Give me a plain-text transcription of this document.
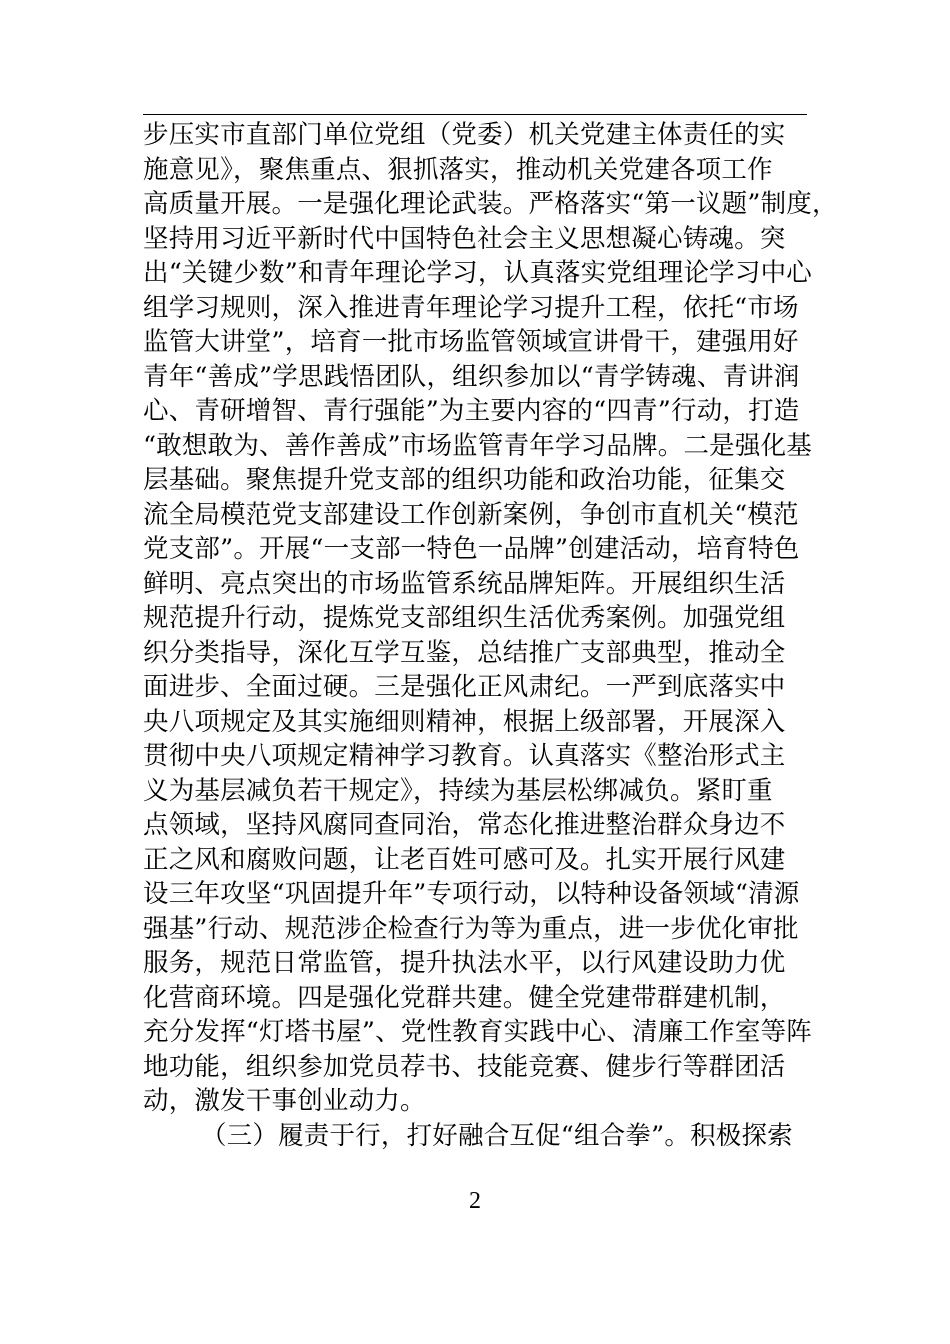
步压实市直部门单位党组（党委）机关党建主体责任的实
施意见》，聚焦重点、狠抓落实，推动机关党建各项工作
高质量开展。一是强化理论武装。严格落实“第一议题”制度，
坚持用习近平新时代中国特色社会主义思想凝心铸魂。突
出“关键少数”和青年理论学习，认真落实党组理论学习中心
组学习规则，深入推进青年理论学习提升工程，依托“市场
监管大讲堂”，培育一批市场监管领域宣讲骨干，建强用好
青年“善成”学思践悟团队，组织参加以“青学铸魂、青讲润
心、青研增智、青行强能”为主要内容的“四青”行动，打造
“敢想敢为、善作善成”市场监管青年学习品牌。二是强化基
层基础。聚焦提升党支部的组织功能和政治功能，征集交
流全局模范党支部建设工作创新案例，争创市直机关“模范
党支部”。开展“一支部一特色一品牌”创建活动，培育特色
鲜明、亮点突出的市场监管系统品牌矩阵。开展组织生活
规范提升行动，提炼党支部组织生活优秀案例。加强党组
织分类指导，深化互学互鉴，总结推广支部典型，推动全
面进步、全面过硬。三是强化正风肃纪。一严到底落实中
央八项规定及其实施细则精神，根据上级部署，开展深入
贯彻中央八项规定精神学习教育。认真落实《整治形式主
义为基层减负若干规定》，持续为基层松绑减负。紧盯重
点领域，坚持风腐同查同治，常态化推进整治群众身边不
正之风和腐败问题，让老百姓可感可及。扎实开展行风建
设三年攻坚“巩固提升年”专项行动，以特种设备领域“清源
强基”行动、规范涉企检查行为等为重点，进一步优化审批
服务，规范日常监管，提升执法水平，以行风建设助力优
化营商环境。四是强化党群共建。健全党建带群建机制，
充分发挥“灯塔书屋”、党性教育实践中心、清廉工作室等阵
地功能，组织参加党员荐书、技能竞赛、健步行等群团活
动，激发干事创业动力。
（三）履责于行，打好融合互促“组合拳”。积极探索
2
